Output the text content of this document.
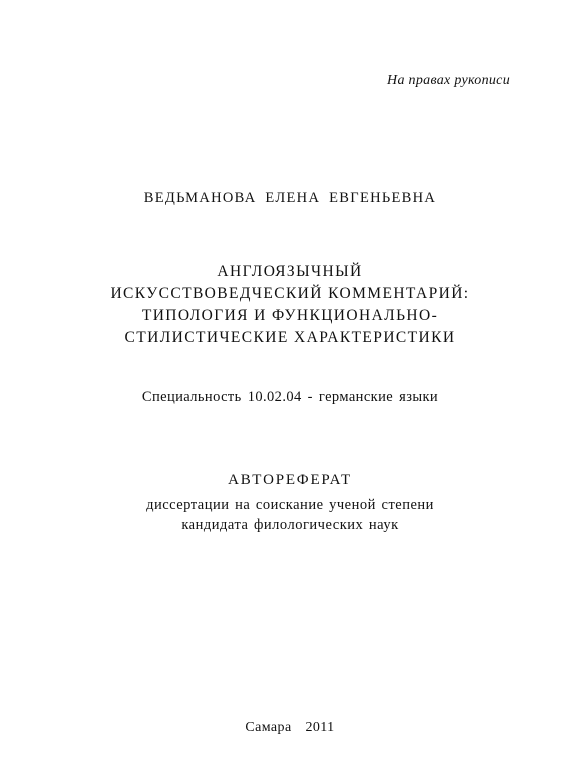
На правах рукописи
ВЕДЬМАНОВА ЕЛЕНА ЕВГЕНЬЕВНА
АНГЛОЯЗЫЧНЫЙ
ИСКУССТВОВЕДЧЕСКИЙ КОММЕНТАРИЙ:
ТИПОЛОГИЯ И ФУНКЦИОНАЛЬНО-
СТИЛИСТИЧЕСКИЕ ХАРАКТЕРИСТИКИ
Специальность 10.02.04 - германские языки
АВТОРЕФЕРАТ
диссертации на соискание ученой степени
кандидата филологических наук
Самара 2011
